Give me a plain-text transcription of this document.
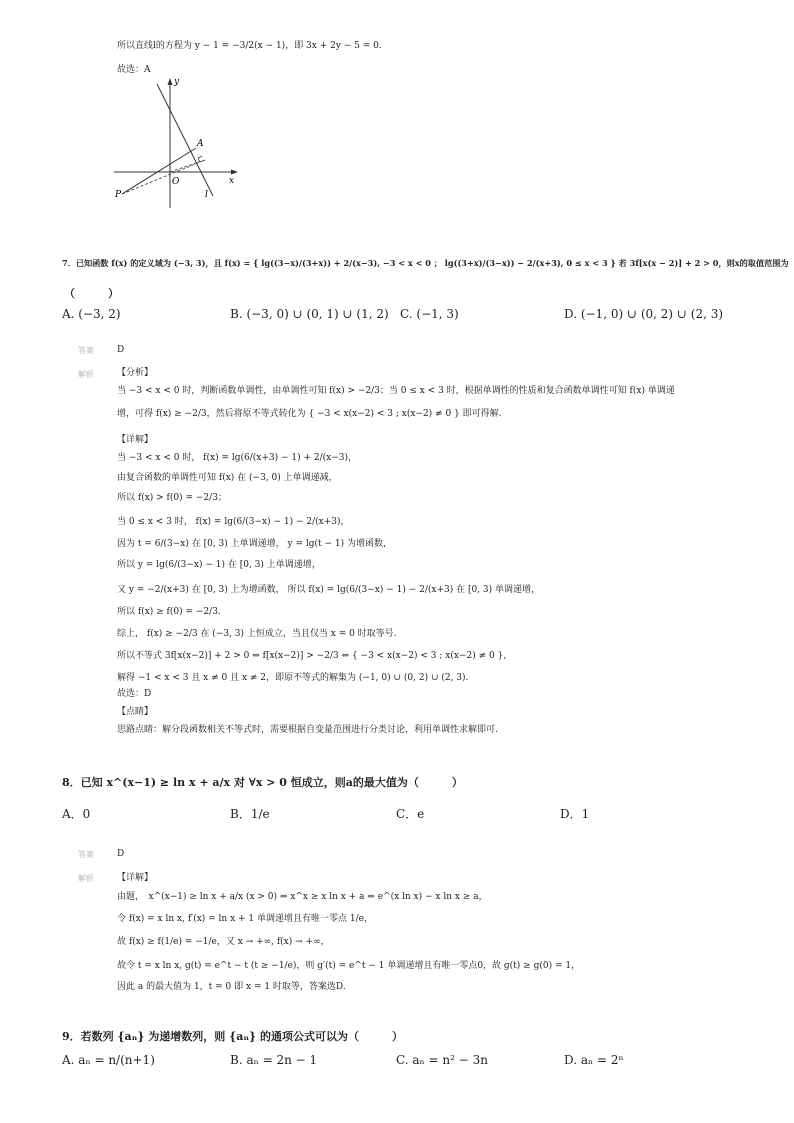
所以直线l的方程为 y − 1 = −3/2(x − 1)，即 3x + 2y − 5 = 0.
故选：A
y
x
A
O
P	l
7．已知函数 f(x) 的定义域为 (−3, 3)，且 f(x) = { lg((3−x)/(3+x)) + 2/(x−3), −3 < x < 0 ； lg((3+x)/(3−x)) − 2/(x+3), 0 ≤ x < 3 } 若 3f[x(x − 2)] + 2 > 0，则x的取值范围为
（　　　）
A. (−3, 2)	B. (−3, 0) ∪ (0, 1) ∪ (1, 2) C. (−1, 3)	D. (−1, 0) ∪ (0, 2) ∪ (2, 3)
答案	D
解析	【分析】
当 −3 < x < 0 时，判断函数单调性，由单调性可知 f(x) > −2/3；当 0 ≤ x < 3 时，根据单调性的性质和复合函数单调性可知 f(x) 单调递
增，可得 f(x) ≥ −2/3，然后将原不等式转化为 { −3 < x(x−2) < 3 ; x(x−2) ≠ 0 } 即可得解.
【详解】
当 −3 < x < 0 时， f(x) = lg(6/(x+3) − 1) + 2/(x−3)，
由复合函数的单调性可知 f(x) 在 (−3, 0) 上单调递减，
所以 f(x) > f(0) = −2/3；
当 0 ≤ x < 3 时， f(x) = lg(6/(3−x) − 1) − 2/(x+3)，
因为 t = 6/(3−x) 在 [0, 3) 上单调递增， y = lg(t − 1) 为增函数，
所以 y = lg(6/(3−x) − 1) 在 [0, 3) 上单调递增，
又 y = −2/(x+3) 在 [0, 3) 上为增函数， 所以 f(x) = lg(6/(3−x) − 1) − 2/(x+3) 在 [0, 3) 单调递增，
所以 f(x) ≥ f(0) = −2/3.
综上， f(x) ≥ −2/3 在 (−3, 3) 上恒成立，当且仅当 x = 0 时取等号.
所以不等式 3f[x(x−2)] + 2 > 0 ⇔ f[x(x−2)] > −2/3 ⇔ { −3 < x(x−2) < 3 ; x(x−2) ≠ 0 }，
解得 −1 < x < 3 且 x ≠ 0 且 x ≠ 2，即原不等式的解集为 (−1, 0) ∪ (0, 2) ∪ (2, 3).
故选：D
【点睛】
思路点睛：解分段函数相关不等式时，需要根据自变量范围进行分类讨论，利用单调性求解即可.
8．已知 x^(x−1) ≥ ln x + a/x 对 ∀x > 0 恒成立，则a的最大值为（　　　）
A．0	B．1/e	C．e	D．1
答案	D
解析	【详解】
由题，　x^(x−1) ≥ ln x + a/x (x > 0) ⇔ x^x ≥ x ln x + a ⇔ e^(x ln x) − x ln x ≥ a，
令 f(x) = x ln x, f′(x) = ln x + 1 单调递增且有唯一零点 1/e，
故 f(x) ≥ f(1/e) = −1/e，又 x → +∞, f(x) → +∞，
故令 t = x ln x, g(t) = e^t − t (t ≥ −1/e)，则 g′(t) = e^t − 1 单调递增且有唯一零点0，故 g(t) ≥ g(0) = 1，
因此 a 的最大值为 1，t = 0 即 x = 1 时取等，答案选D.
9．若数列 {aₙ} 为递增数列，则 {aₙ} 的通项公式可以为（　　　）
A. aₙ = n/(n+1)	B. aₙ = 2n − 1	C. aₙ = n² − 3n	D. aₙ = 2ⁿ
